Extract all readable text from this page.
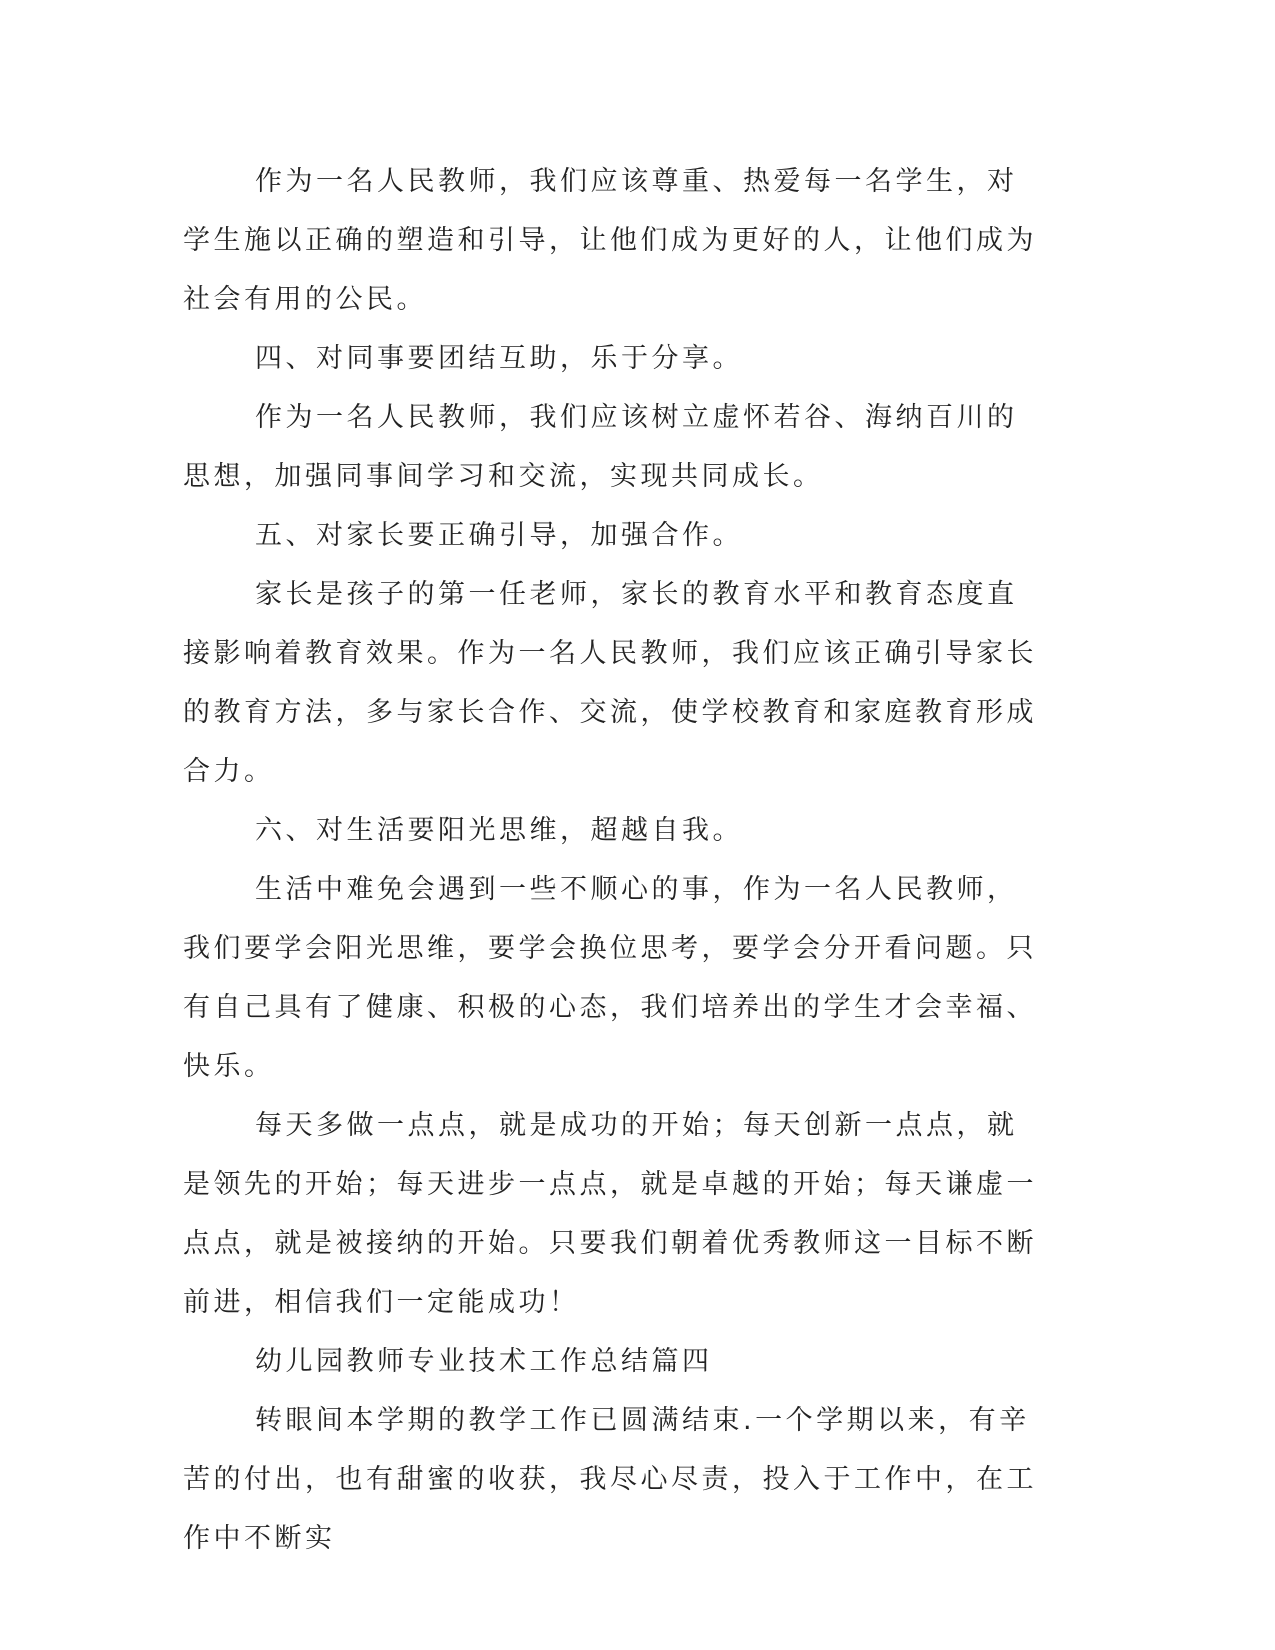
作为一名人民教师，我们应该尊重、热爱每一名学生，对学生施以正确的塑造和引导，让他们成为更好的人，让他们成为社会有用的公民。

四、对同事要团结互助，乐于分享。

作为一名人民教师，我们应该树立虚怀若谷、海纳百川的思想，加强同事间学习和交流，实现共同成长。

五、对家长要正确引导，加强合作。

家长是孩子的第一任老师，家长的教育水平和教育态度直接影响着教育效果。作为一名人民教师，我们应该正确引导家长的教育方法，多与家长合作、交流，使学校教育和家庭教育形成合力。

六、对生活要阳光思维，超越自我。

生活中难免会遇到一些不顺心的事，作为一名人民教师，我们要学会阳光思维，要学会换位思考，要学会分开看问题。只有自己具有了健康、积极的心态，我们培养出的学生才会幸福、快乐。

每天多做一点点，就是成功的开始；每天创新一点点，就是领先的开始；每天进步一点点，就是卓越的开始；每天谦虚一点点，就是被接纳的开始。只要我们朝着优秀教师这一目标不断前进，相信我们一定能成功！

幼儿园教师专业技术工作总结篇四

转眼间本学期的教学工作已圆满结束.一个学期以来，有辛苦的付出，也有甜蜜的收获，我尽心尽责，投入于工作中，在工作中不断实
